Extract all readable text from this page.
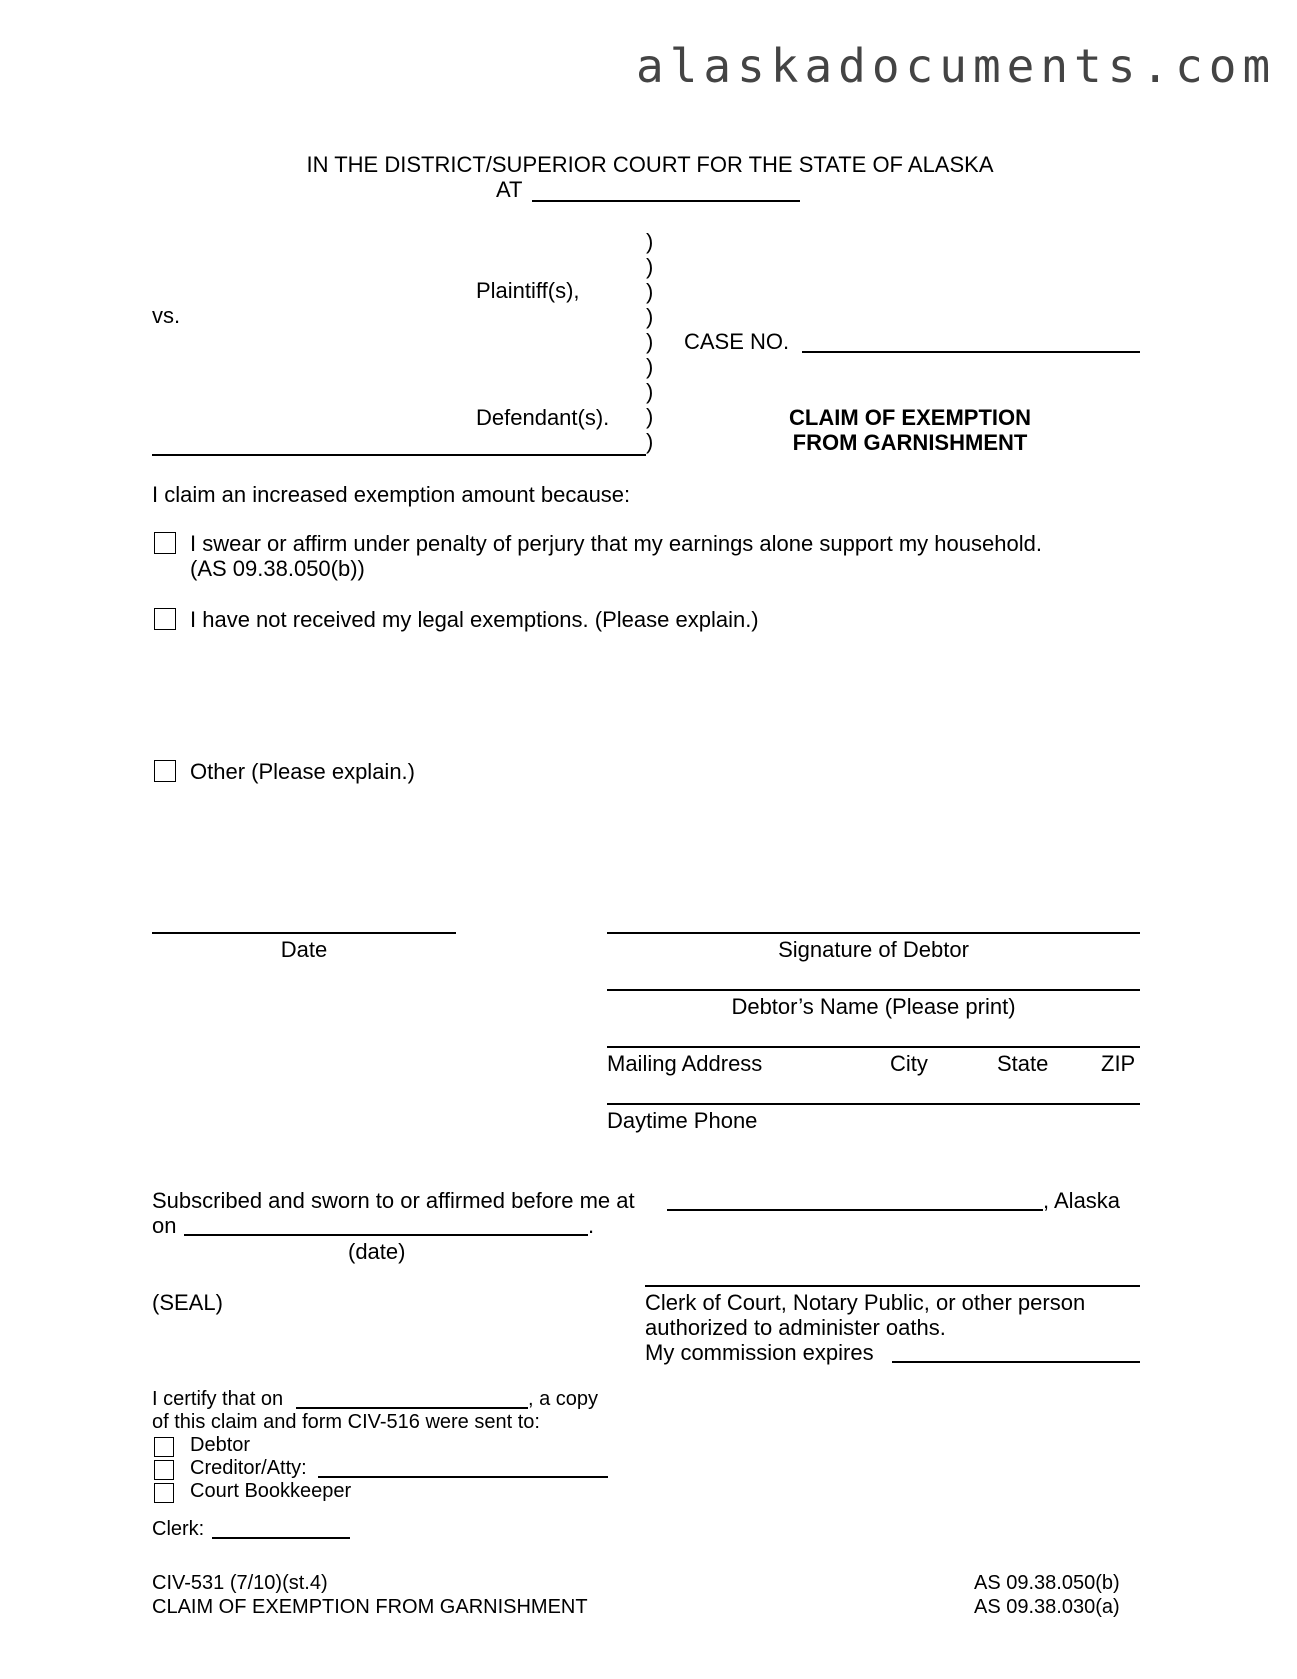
alaskadocuments.com
IN THE DISTRICT/SUPERIOR COURT FOR THE STATE OF ALASKA
AT
)
)
)
)
)
)
)
)
)
Plaintiff(s),
vs.
Defendant(s).
CASE NO.
CLAIM OF EXEMPTION
FROM GARNISHMENT
I claim an increased exemption amount because:
I swear or affirm under penalty of perjury that my earnings alone support my household.
(AS 09.38.050(b))
I have not received my legal exemptions. (Please explain.)
Other (Please explain.)
Date	Signature of Debtor
Debtor’s Name (Please print)
Mailing Address	City	State ZIP
Daytime Phone
Subscribed and sworn to or affirmed before me at	, Alaska
on	.
(date)
(SEAL)	Clerk of Court, Notary Public, or other person
authorized to administer oaths.
My commission expires
I certify that on	, a copy
of this claim and form CIV-516 were sent to:
Debtor
Creditor/Atty:
Court Bookkeeper
Clerk:
CIV-531 (7/10)(st.4)
CLAIM OF EXEMPTION FROM GARNISHMENT
AS 09.38.050(b)
AS 09.38.030(a)
